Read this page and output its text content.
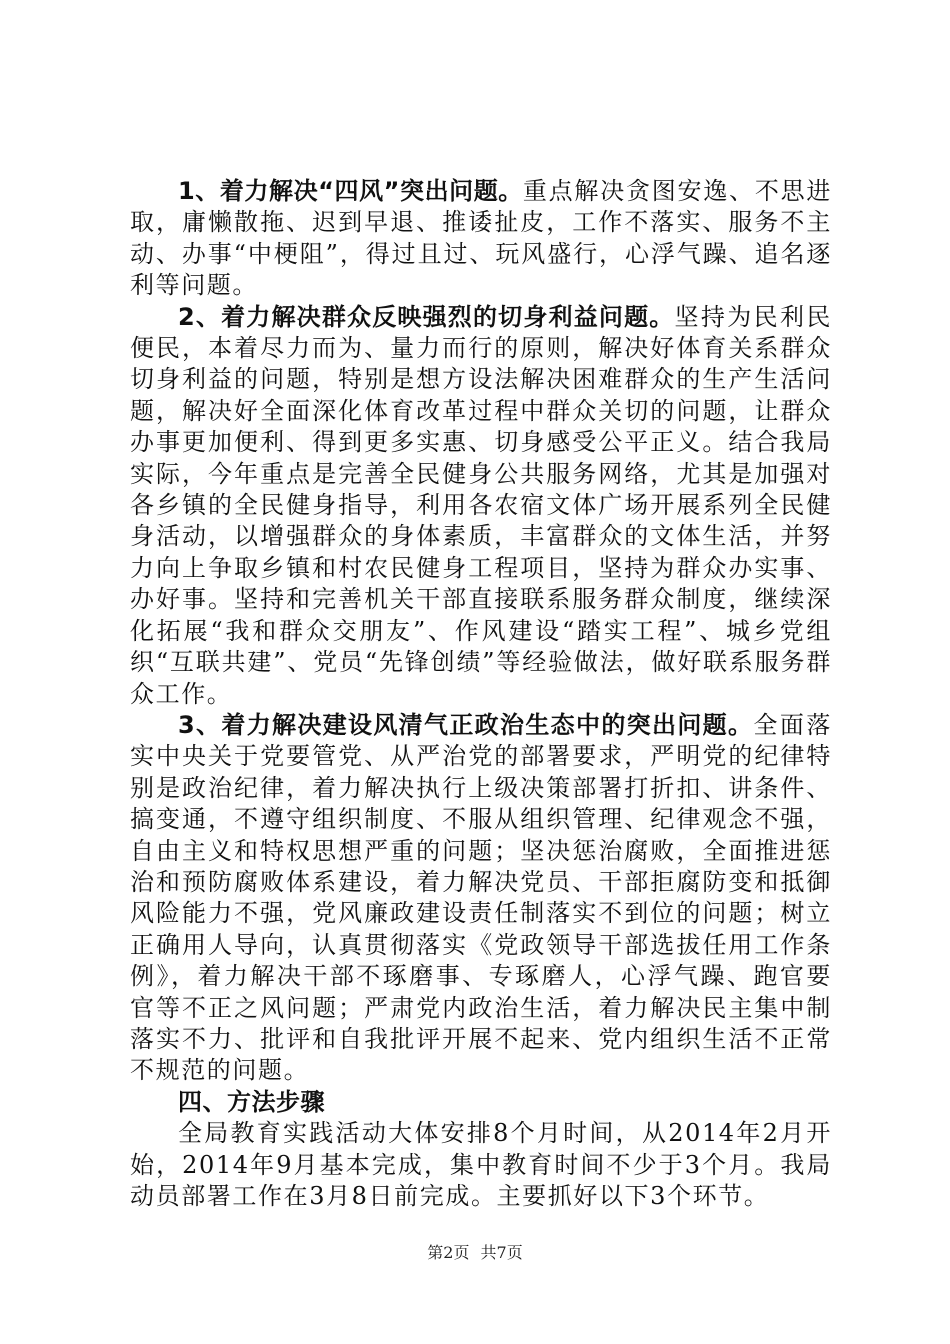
1、着力解决“四风”突出问题。重点解决贪图安逸、不思进取，庸懒散拖、迟到早退、推诿扯皮，工作不落实、服务不主动、办事“中梗阻”，得过且过、玩风盛行，心浮气躁、追名逐利等问题。

2、着力解决群众反映强烈的切身利益问题。坚持为民利民便民，本着尽力而为、量力而行的原则，解决好体育关系群众切身利益的问题，特别是想方设法解决困难群众的生产生活问题，解决好全面深化体育改革过程中群众关切的问题，让群众办事更加便利、得到更多实惠、切身感受公平正义。结合我局实际，今年重点是完善全民健身公共服务网络，尤其是加强对各乡镇的全民健身指导，利用各农宿文体广场开展系列全民健身活动，以增强群众的身体素质，丰富群众的文体生活，并努力向上争取乡镇和村农民健身工程项目，坚持为群众办实事、办好事。坚持和完善机关干部直接联系服务群众制度，继续深化拓展“我和群众交朋友”、作风建设“踏实工程”、城乡党组织“互联共建”、党员“先锋创绩”等经验做法，做好联系服务群众工作。

3、着力解决建设风清气正政治生态中的突出问题。全面落实中央关于党要管党、从严治党的部署要求，严明党的纪律特别是政治纪律，着力解决执行上级决策部署打折扣、讲条件、搞变通，不遵守组织制度、不服从组织管理、纪律观念不强，自由主义和特权思想严重的问题；坚决惩治腐败，全面推进惩治和预防腐败体系建设，着力解决党员、干部拒腐防变和抵御风险能力不强，党风廉政建设责任制落实不到位的问题；树立正确用人导向，认真贯彻落实《党政领导干部选拔任用工作条例》，着力解决干部不琢磨事、专琢磨人，心浮气躁、跑官要官等不正之风问题；严肃党内政治生活，着力解决民主集中制落实不力、批评和自我批评开展不起来、党内组织生活不正常不规范的问题。

四、方法步骤

全局教育实践活动大体安排8个月时间，从2014年2月开始，2014年9月基本完成，集中教育时间不少于3个月。我局动员部署工作在3月8日前完成。主要抓好以下3个环节。

第2页 共7页
